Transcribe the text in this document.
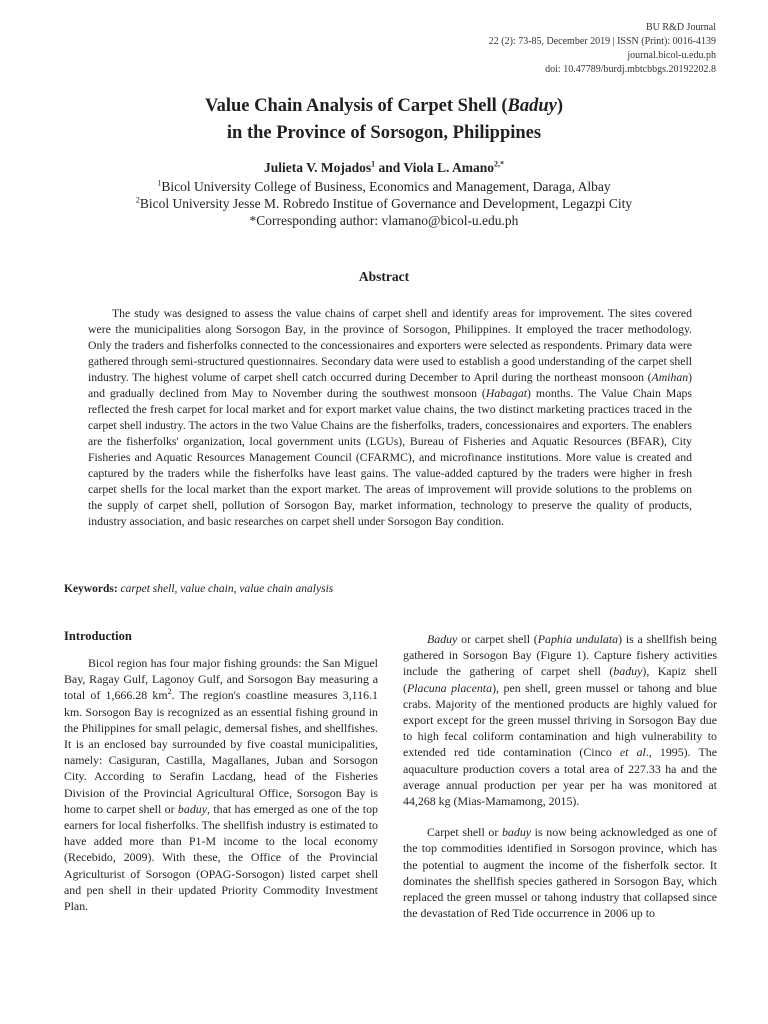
BU R&D Journal
22 (2): 73-85, December 2019 | ISSN (Print): 0016-4139
journal.bicol-u.edu.ph
doi: 10.47789/burdj.mbtcbbgs.20192202.8
Value Chain Analysis of Carpet Shell (Baduy)
in the Province of Sorsogon, Philippines
Julieta V. Mojados$^1$ and Viola L. Amano$^{2,*}$
$^1$Bicol University College of Business, Economics and Management, Daraga, Albay
$^2$Bicol University Jesse M. Robredo Institue of Governance and Development, Legazpi City
*Corresponding author: vlamano@bicol-u.edu.ph
Abstract

The study was designed to assess the value chains of carpet shell and identify areas for improvement. The sites covered were the municipalities along Sorsogon Bay, in the province of Sorsogon, Philippines. It employed the tracer methodology. Only the traders and fisherfolks connected to the concessionaires and exporters were selected as respondents. Primary data were gathered through semi-structured questionnaires. Secondary data were used to establish a good understanding of the carpet shell industry. The highest volume of carpet shell catch occurred during December to April during the northeast monsoon (Amihan) and gradually declined from May to November during the southwest monsoon (Habagat) months. The Value Chain Maps reflected the fresh carpet for local market and for export market value chains, the two distinct marketing practices traced in the carpet shell industry. The actors in the two Value Chains are the fisherfolks, traders, concessionaires and exporters. The enablers are the fisherfolks' organization, local government units (LGUs), Bureau of Fisheries and Aquatic Resources (BFAR), City Fisheries and Aquatic Resources Management Council (CFARMC), and microfinance institutions. More value is created and captured by the traders while the fisherfolks have least gains. The value-added captured by the traders were higher in fresh carpet shells for the local market than the export market. The areas of improvement will provide solutions to the problems on the supply of carpet shell, pollution of Sorsogon Bay, market information, technology to preserve the quality of products, industry association, and basic researches on carpet shell under Sorsogon Bay condition.

Keywords: carpet shell, value chain, value chain analysis
Introduction

Bicol region has four major fishing grounds: the San Miguel Bay, Ragay Gulf, Lagonoy Gulf, and Sorsogon Bay measuring a total of 1,666.28 $km^2$. The region's coastline measures 3,116.1 km. Sorsogon Bay is recognized as an essential fishing ground in the Philippines for small pelagic, demersal fishes, and shellfishes. It is an enclosed bay surrounded by five coastal municipalities, namely: Casiguran, Castilla, Magallanes, Juban and Sorsogon City. According to Serafin Lacdang, head of the Fisheries Division of the Provincial Agricultural Office, Sorsogon Bay is home to carpet shell or baduy, that has emerged as one of the top earners for local fisherfolks. The shellfish industry is estimated to have added more than P1-M income to the local economy (Recebido, 2009). With these, the Office of the Provincial Agriculturist of Sorsogon (OPAG-Sorsogon) listed carpet shell and pen shell in their updated Priority Commodity Investment Plan.

Baduy or carpet shell (Paphia undulata) is a shellfish being gathered in Sorsogon Bay (Figure 1). Capture fishery activities include the gathering of carpet shell (baduy), Kapiz shell (Placuna placenta), pen shell, green mussel or tahong and blue crabs. Majority of the mentioned products are highly valued for export except for the green mussel thriving in Sorsogon Bay due to high fecal coliform contamination and high vulnerability to extended red tide contamination (Cinco et al., 1995). The aquaculture production covers a total area of 227.33 ha and the average annual production per year per ha was monitored at 44,268 kg (Mias-Mamamong, 2015).

Carpet shell or baduy is now being acknowledged as one of the top commodities identified in Sorsogon province, which has the potential to augment the income of the fisherfolk sector. It dominates the shellfish species gathered in Sorsogon Bay, which replaced the green mussel or tahong industry that collapsed since the devastation of Red Tide occurrence in 2006 up to
